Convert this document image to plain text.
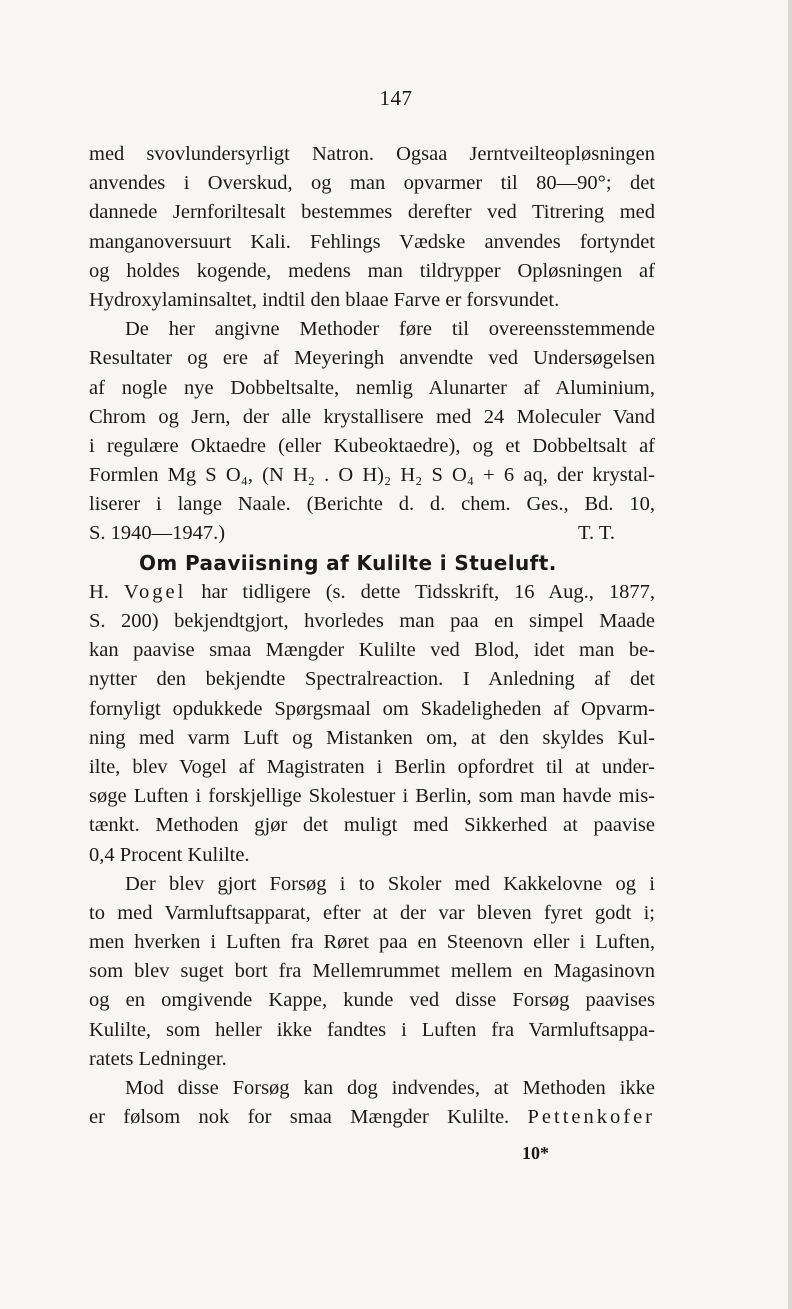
147
med svovlundersyrligt Natron. Ogsaa Jerntveilteopløsningen
anvendes i Overskud, og man opvarmer til 80—90°; det
dannede Jernforiltesalt bestemmes derefter ved Titrering med
manganoversuurt Kali. Fehlings Vædske anvendes fortyndet
og holdes kogende, medens man tildrypper Opløsningen af
Hydroxylaminsaltet, indtil den blaae Farve er forsvundet.
De her angivne Methoder føre til overeensstemmende
Resultater og ere af Meyeringh anvendte ved Undersøgelsen
af nogle nye Dobbeltsalte, nemlig Alunarter af Aluminium,
Chrom og Jern, der alle krystallisere med 24 Moleculer Vand
i regulære Oktaedre (eller Kubeoktaedre), og et Dobbeltsalt af
Formlen Mg S O₄, (N H₂ . O H)₂ H₂ S O₄ + 6 aq, der krystal-
liserer i lange Naale. (Berichte d. d. chem. Ges., Bd. 10,
S. 1940—1947.)	T. T.
Om Paaviisning af Kulilte i Stueluft.
H. Vogel har tidligere (s. dette Tidsskrift, 16 Aug., 1877,
S. 200) bekjendtgjort, hvorledes man paa en simpel Maade
kan paavise smaa Mængder Kulilte ved Blod, idet man be-
nytter den bekjendte Spectralreaction. I Anledning af det
fornyligt opdukkede Spørgsmaal om Skadeligheden af Opvarm-
ning med varm Luft og Mistanken om, at den skyldes Kul-
ilte, blev Vogel af Magistraten i Berlin opfordret til at under-
søge Luften i forskjellige Skolestuer i Berlin, som man havde mis-
tænkt. Methoden gjør det muligt med Sikkerhed at paavise
0,4 Procent Kulilte.
Der blev gjort Forsøg i to Skoler med Kakkelovne og i
to med Varmluftsapparat, efter at der var bleven fyret godt i;
men hverken i Luften fra Røret paa en Steenovn eller i Luften,
som blev suget bort fra Mellemrummet mellem en Magasinovn
og en omgivende Kappe, kunde ved disse Forsøg paavises
Kulilte, som heller ikke fandtes i Luften fra Varmluftsappa-
ratets Ledninger.
Mod disse Forsøg kan dog indvendes, at Methoden ikke
er følsom nok for smaa Mængder Kulilte. Pettenkofer
10*
